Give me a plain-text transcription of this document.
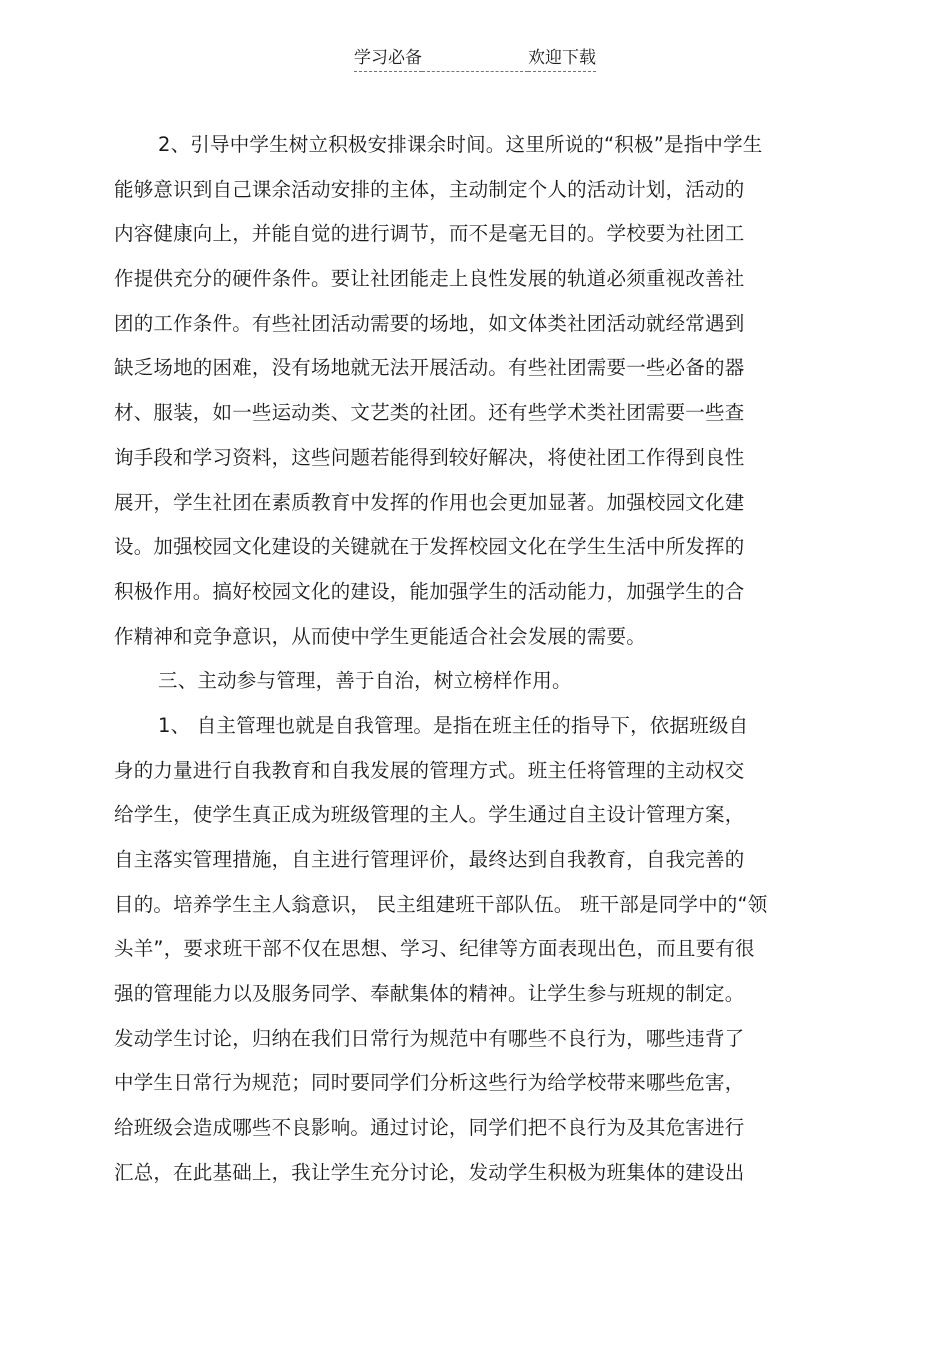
学习必备	欢迎下载
2、引导中学生树立积极安排课余时间。这里所说的“积极”是指中学生
能够意识到自己课余活动安排的主体，主动制定个人的活动计划，活动的
内容健康向上，并能自觉的进行调节，而不是毫无目的。学校要为社团工
作提供充分的硬件条件。要让社团能走上良性发展的轨道必须重视改善社
团的工作条件。有些社团活动需要的场地，如文体类社团活动就经常遇到
缺乏场地的困难，没有场地就无法开展活动。有些社团需要一些必备的器
材、服装，如一些运动类、文艺类的社团。还有些学术类社团需要一些查
询手段和学习资料，这些问题若能得到较好解决，将使社团工作得到良性
展开，学生社团在素质教育中发挥的作用也会更加显著。加强校园文化建
设。加强校园文化建设的关键就在于发挥校园文化在学生生活中所发挥的
积极作用。搞好校园文化的建设，能加强学生的活动能力，加强学生的合
作精神和竞争意识，从而使中学生更能适合社会发展的需要。
三、主动参与管理，善于自治，树立榜样作用。
1、 自主管理也就是自我管理。是指在班主任的指导下，依据班级自
身的力量进行自我教育和自我发展的管理方式。班主任将管理的主动权交
给学生，使学生真正成为班级管理的主人。学生通过自主设计管理方案，
自主落实管理措施，自主进行管理评价，最终达到自我教育，自我完善的
目的。培养学生主人翁意识， 民主组建班干部队伍。 班干部是同学中的“领
头羊”，要求班干部不仅在思想、学习、纪律等方面表现出色，而且要有很
强的管理能力以及服务同学、奉献集体的精神。让学生参与班规的制定。
发动学生讨论，归纳在我们日常行为规范中有哪些不良行为，哪些违背了
中学生日常行为规范；同时要同学们分析这些行为给学校带来哪些危害，
给班级会造成哪些不良影响。通过讨论，同学们把不良行为及其危害进行
汇总，在此基础上，我让学生充分讨论，发动学生积极为班集体的建设出
